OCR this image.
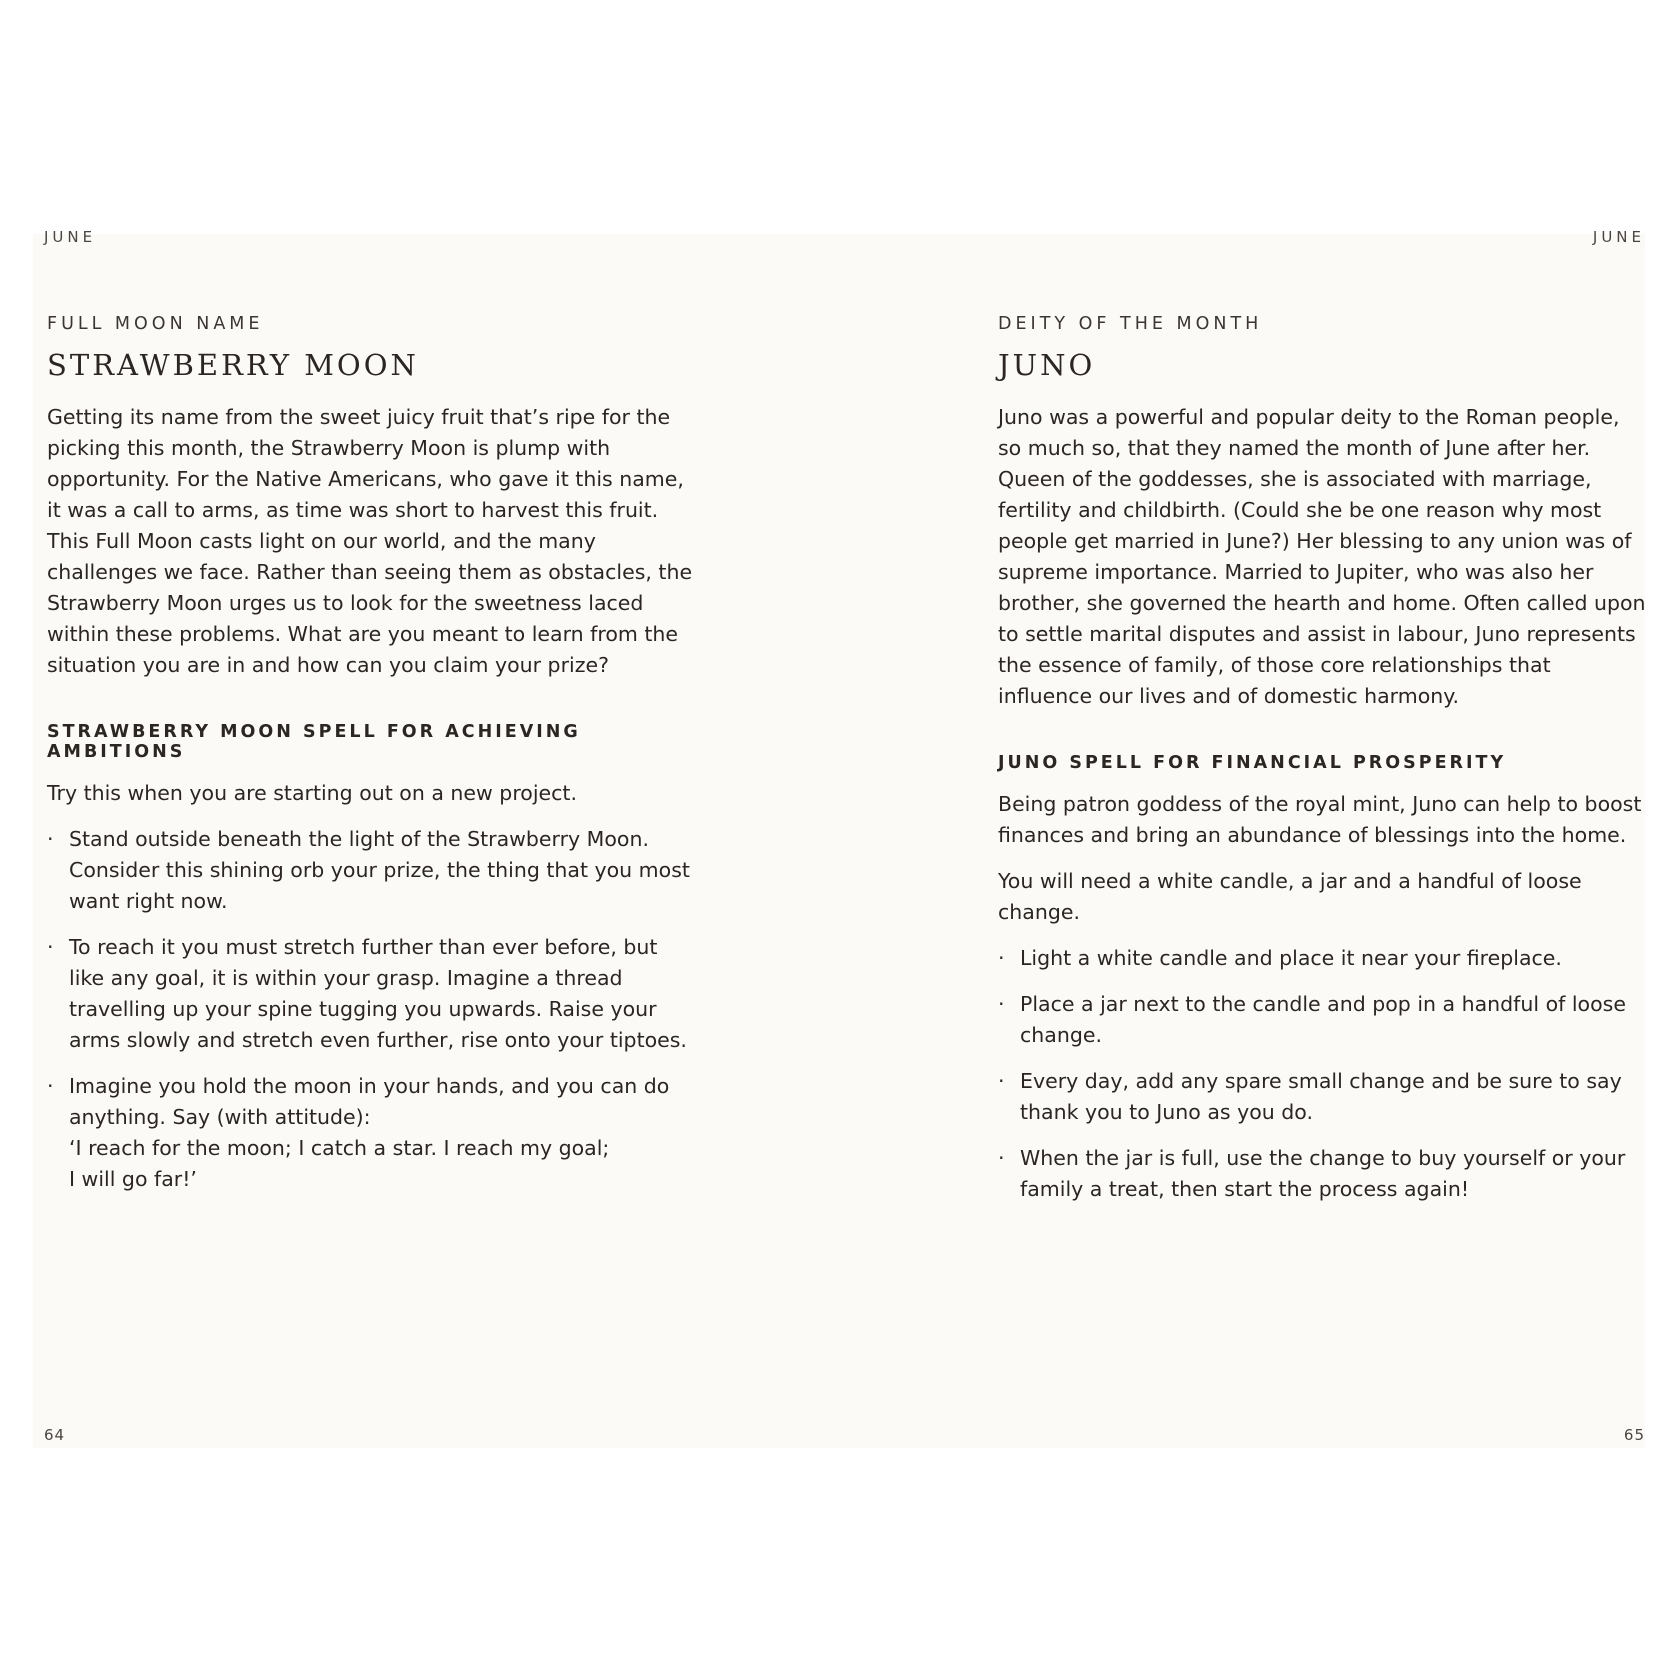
JUNE
FULL MOON NAME
STRAWBERRY MOON

Getting its name from the sweet juicy fruit that’s ripe for the picking this month, the Strawberry Moon is plump with opportunity. For the Native Americans, who gave it this name, it was a call to arms, as time was short to harvest this fruit. This Full Moon casts light on our world, and the many challenges we face. Rather than seeing them as obstacles, the Strawberry Moon urges us to look for the sweetness laced within these problems. What are you meant to learn from the situation you are in and how can you claim your prize?

STRAWBERRY MOON SPELL FOR ACHIEVING AMBITIONS

Try this when you are starting out on a new project.

· Stand outside beneath the light of the Strawberry Moon. Consider this shining orb your prize, the thing that you most want right now.
· To reach it you must stretch further than ever before, but like any goal, it is within your grasp. Imagine a thread travelling up your spine tugging you upwards. Raise your arms slowly and stretch even further, rise onto your tiptoes.
· Imagine you hold the moon in your hands, and you can do anything. Say (with attitude):
‘I reach for the moon; I catch a star. I reach my goal;
I will go far!’
64
JUNE
DEITY OF THE MONTH
JUNO

Juno was a powerful and popular deity to the Roman people, so much so, that they named the month of June after her. Queen of the goddesses, she is associated with marriage, fertility and childbirth. (Could she be one reason why most people get married in June?) Her blessing to any union was of supreme importance. Married to Jupiter, who was also her brother, she governed the hearth and home. Often called upon to settle marital disputes and assist in labour, Juno represents the essence of family, of those core relationships that influence our lives and of domestic harmony.

JUNO SPELL FOR FINANCIAL PROSPERITY

Being patron goddess of the royal mint, Juno can help to boost finances and bring an abundance of blessings into the home.

You will need a white candle, a jar and a handful of loose change.

· Light a white candle and place it near your fireplace.
· Place a jar next to the candle and pop in a handful of loose change.
· Every day, add any spare small change and be sure to say thank you to Juno as you do.
· When the jar is full, use the change to buy yourself or your family a treat, then start the process again!
65
